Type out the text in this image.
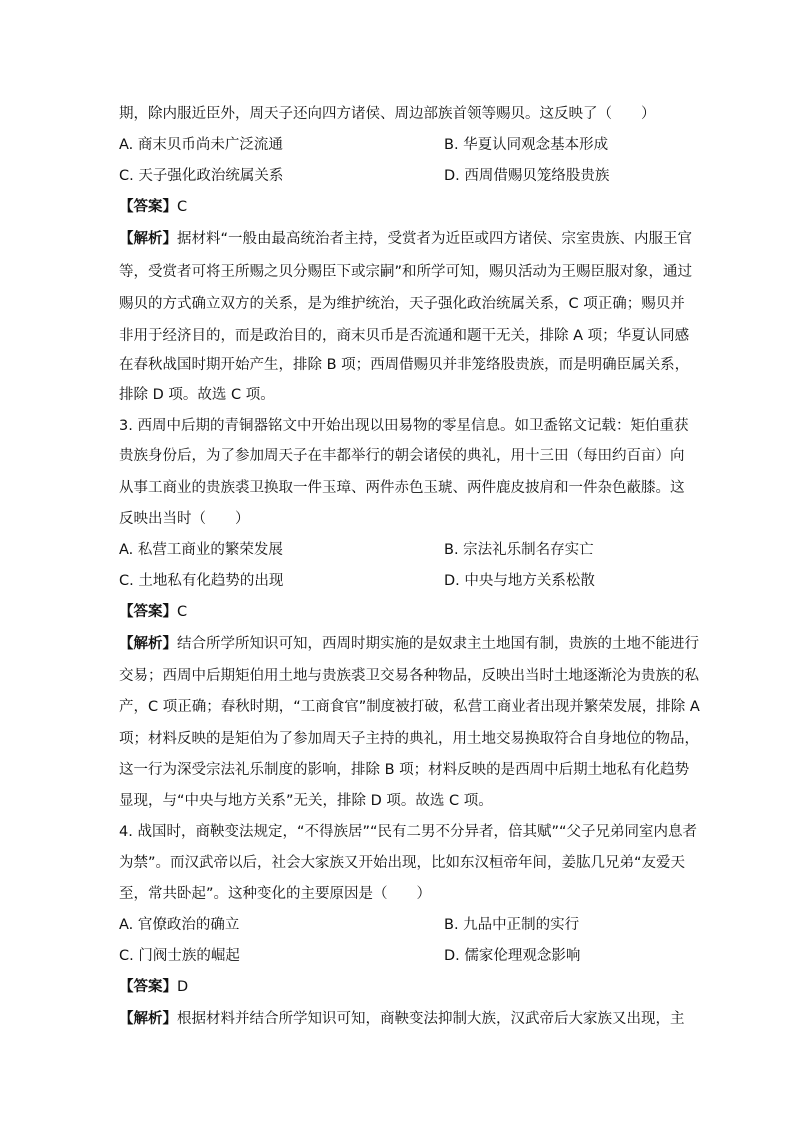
期，除内服近臣外，周天子还向四方诸侯、周边部族首领等赐贝。这反映了（　　）
A. 商末贝币尚未广泛流通	B. 华夏认同观念基本形成
C. 天子强化政治统属关系	D. 西周借赐贝笼络股贵族
【答案】C
【解析】据材料“一般由最高统治者主持，受赏者为近臣或四方诸侯、宗室贵族、内服王官
等，受赏者可将王所赐之贝分赐臣下或宗嗣”和所学可知，赐贝活动为王赐臣服对象，通过
赐贝的方式确立双方的关系，是为维护统治，天子强化政治统属关系，C 项正确；赐贝并
非用于经济目的，而是政治目的，商末贝币是否流通和题干无关，排除 A 项；华夏认同感
在春秋战国时期开始产生，排除 B 项；西周借赐贝并非笼络股贵族，而是明确臣属关系，
排除 D 项。故选 C 项。
3. 西周中后期的青铜器铭文中开始出现以田易物的零星信息。如卫盉铭文记载：矩伯重获
贵族身份后，为了参加周天子在丰都举行的朝会诸侯的典礼，用十三田（每田约百亩）向
从事工商业的贵族裘卫换取一件玉璋、两件赤色玉琥、两件鹿皮披肩和一件杂色蔽膝。这
反映出当时（　　）
A. 私营工商业的繁荣发展	B. 宗法礼乐制名存实亡
C. 土地私有化趋势的出现	D. 中央与地方关系松散
【答案】C
【解析】结合所学所知识可知，西周时期实施的是奴隶主土地国有制，贵族的土地不能进行
交易；西周中后期矩伯用土地与贵族裘卫交易各种物品，反映出当时土地逐渐沦为贵族的私
产，C 项正确；春秋时期，“工商食官”制度被打破，私营工商业者出现并繁荣发展，排除 A
项；材料反映的是矩伯为了参加周天子主持的典礼，用土地交易换取符合自身地位的物品，
这一行为深受宗法礼乐制度的影响，排除 B 项；材料反映的是西周中后期土地私有化趋势
显现，与“中央与地方关系”无关，排除 D 项。故选 C 项。
4. 战国时，商鞅变法规定，“不得族居”“民有二男不分异者，倍其赋”“父子兄弟同室内息者
为禁”。而汉武帝以后，社会大家族又开始出现，比如东汉桓帝年间，姜肱几兄弟“友爱天
至，常共卧起”。这种变化的主要原因是（　　）
A. 官僚政治的确立	B. 九品中正制的实行
C. 门阀士族的崛起	D. 儒家伦理观念影响
【答案】D
【解析】根据材料并结合所学知识可知，商鞅变法抑制大族，汉武帝后大家族又出现，主
